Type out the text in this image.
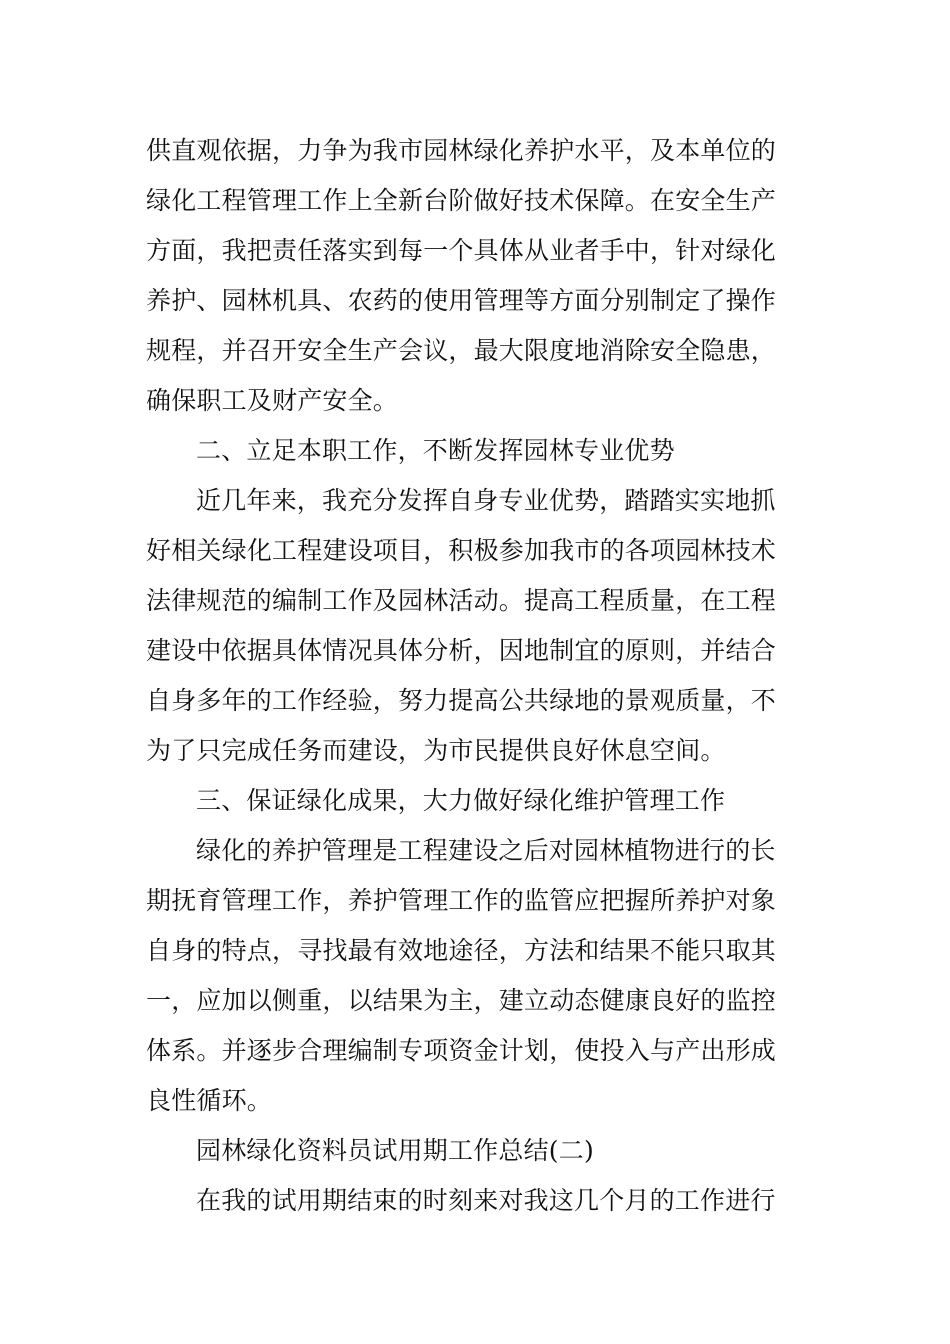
供直观依据，力争为我市园林绿化养护水平，及本单位的
绿化工程管理工作上全新台阶做好技术保障。在安全生产
方面，我把责任落实到每一个具体从业者手中，针对绿化
养护、园林机具、农药的使用管理等方面分别制定了操作
规程，并召开安全生产会议，最大限度地消除安全隐患，
确保职工及财产安全。
二、立足本职工作，不断发挥园林专业优势
近几年来，我充分发挥自身专业优势，踏踏实实地抓
好相关绿化工程建设项目，积极参加我市的各项园林技术
法律规范的编制工作及园林活动。提高工程质量，在工程
建设中依据具体情况具体分析，因地制宜的原则，并结合
自身多年的工作经验，努力提高公共绿地的景观质量，不
为了只完成任务而建设，为市民提供良好休息空间。
三、保证绿化成果，大力做好绿化维护管理工作
绿化的养护管理是工程建设之后对园林植物进行的长
期抚育管理工作，养护管理工作的监管应把握所养护对象
自身的特点，寻找最有效地途径，方法和结果不能只取其
一，应加以侧重，以结果为主，建立动态健康良好的监控
体系。并逐步合理编制专项资金计划，使投入与产出形成
良性循环。
园林绿化资料员试用期工作总结(二)
在我的试用期结束的时刻来对我这几个月的工作进行
